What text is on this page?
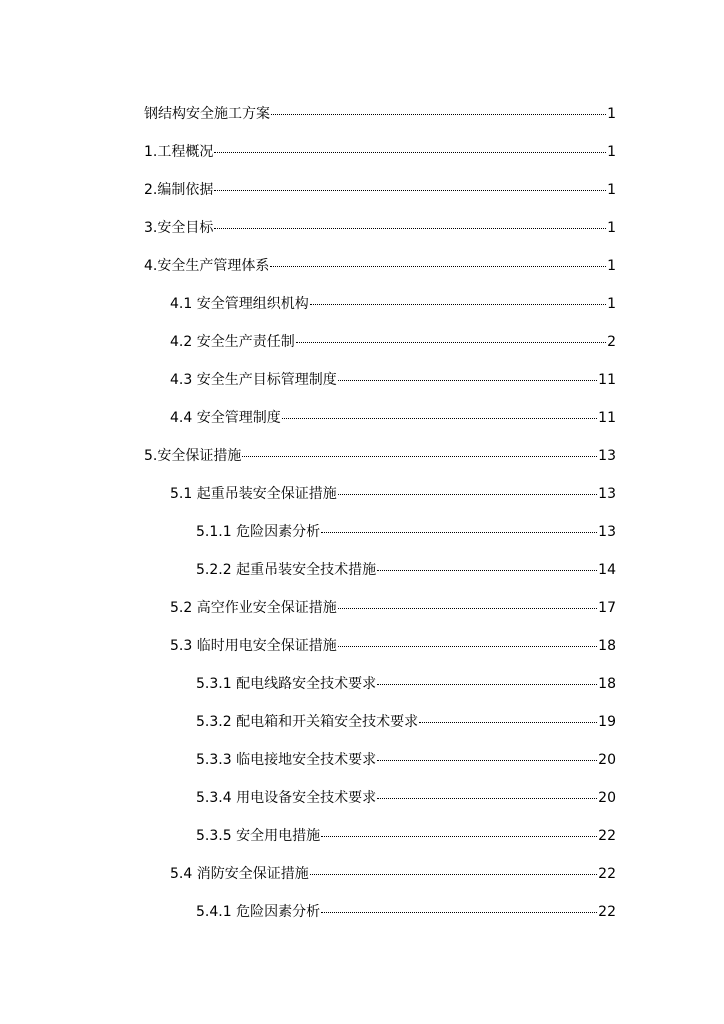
钢结构安全施工方案	1
1.工程概况	1
2.编制依据	1
3.安全目标	1
4.安全生产管理体系	1
4.1 安全管理组织机构	1
4.2 安全生产责任制	2
4.3 安全生产目标管理制度	11
4.4 安全管理制度	11
5.安全保证措施	13
5.1 起重吊装安全保证措施	13
5.1.1 危险因素分析	13
5.2.2 起重吊装安全技术措施	14
5.2 高空作业安全保证措施	17
5.3 临时用电安全保证措施	18
5.3.1 配电线路安全技术要求	18
5.3.2 配电箱和开关箱安全技术要求	19
5.3.3 临电接地安全技术要求	20
5.3.4 用电设备安全技术要求	20
5.3.5 安全用电措施	22
5.4 消防安全保证措施	22
5.4.1 危险因素分析	22
